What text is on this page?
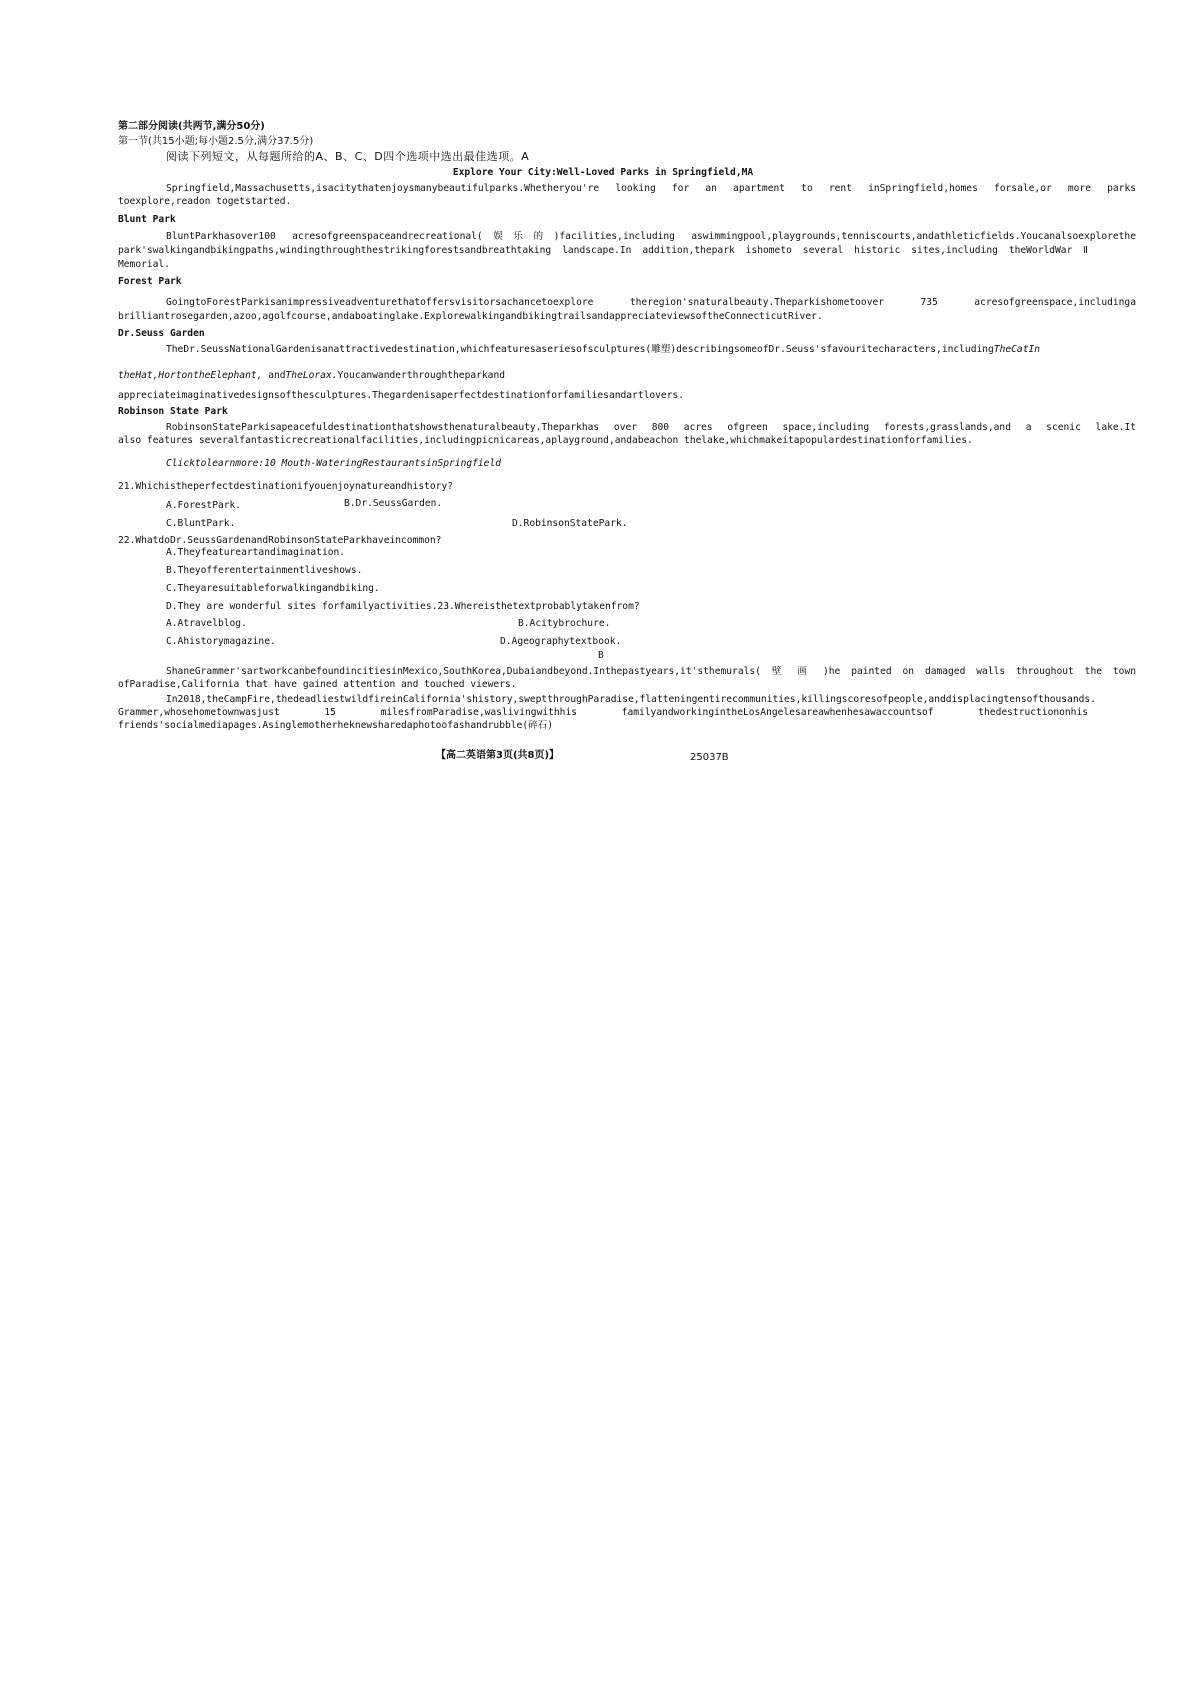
第二部分阅读(共两节,满分50分)
第一节(共15小题;每小题2.5分,满分37.5分)
阅读下列短文，从每题所给的A、B、C、D四个选项中选出最佳选项。A
Explore Your City:Well-Loved Parks in Springfield,MA
Springfield,Massachusetts,isacitythatenjoysmanybeautifulparks.Whetheryou're looking for an apartment to rent inSpringfield,homes forsale,or more parks
toexplore,readon togetstarted.
Blunt Park
BluntParkhasover100 acresofgreenspaceandrecreational(娱乐的)facilities,including aswimmingpool,playgrounds,tenniscourts,andathleticfields.Youcanalsoexplorethe
park'swalkingandbikingpaths,windingthroughthestrikingforestsandbreathtaking landscape.In addition,thepark ishometo several historic sites,including theWorldWar Ⅱ
Memorial.
Forest Park
GoingtoForestParkisanimpressiveadventurethatoffersvisitorsachancetoexplore theregion'snaturalbeauty.Theparkishometoover 735 acresofgreenspace,includinga
brilliantrosegarden,azoo,agolfcourse,andaboatinglake.ExplorewalkingandbikingtrailsandappreciateviewsoftheConnecticutRiver.
Dr.Seuss Garden
TheDr.SeussNationalGardenisanattractivedestination,whichfeaturesaseriesofsculptures(雕塑)describingsomeofDr.Seuss'sfavouritecharacters,includingTheCatIn
theHat,HortontheElephant, andTheLorax.Youcanwanderthroughtheparkand
appreciateimaginativedesignsofthesculptures.Thegardenisaperfectdestinationforfamiliesandartlovers.
Robinson State Park
RobinsonStateParkisapeacefuldestinationthatshowsthenaturalbeauty.Theparkhas over 800 acres ofgreen space,including forests,grasslands,and a scenic lake.It
also features severalfantasticrecreationalfacilities,includingpicnicareas,aplayground,andabeachon thelake,whichmakeitapopulardestinationforfamilies.
Clicktolearnmore:10 Mouth-WateringRestaurantsinSpringfield
21.Whichistheperfectdestinationifyouenjoynatureandhistory?
A.ForestPark.	B.Dr.SeussGarden.
C.BluntPark.	D.RobinsonStatePark.
22.WhatdoDr.SeussGardenandRobinsonStateParkhaveincommon?
A.Theyfeatureartandimagination.
B.Theyofferentertainmentliveshows.
C.Theyaresuitableforwalkingandbiking.
D.They are wonderful sites forfamilyactivities.23.Whereisthetextprobablytakenfrom?
A.Atravelblog.	B.Acitybrochure.
C.Ahistorymagazine.	D.Ageographytextbook.
B
ShaneGrammer'sartworkcanbefoundincitiesinMexico,SouthKorea,Dubaiandbeyond.Inthepastyears,it'sthemurals( 壁 画 )he painted on damaged walls throughout the town
ofParadise,California that have gained attention and touched viewers.
In2018,theCampFire,thedeadliestwildfireinCalifornia'shistory,sweptthroughParadise,flatteningentirecommunities,killingscoresofpeople,anddisplacingtensofthousands.
Grammer,whosehometownwasjust 15 milesfromParadise,waslivingwithhis familyandworkingintheLosAngelesareawhenhesawaccountsof thedestructiononhis
friends'socialmediapages.Asinglemotherheknewsharedaphotoofashandrubble(碎石)
【高二英语第3页(共8页)】	25037B
